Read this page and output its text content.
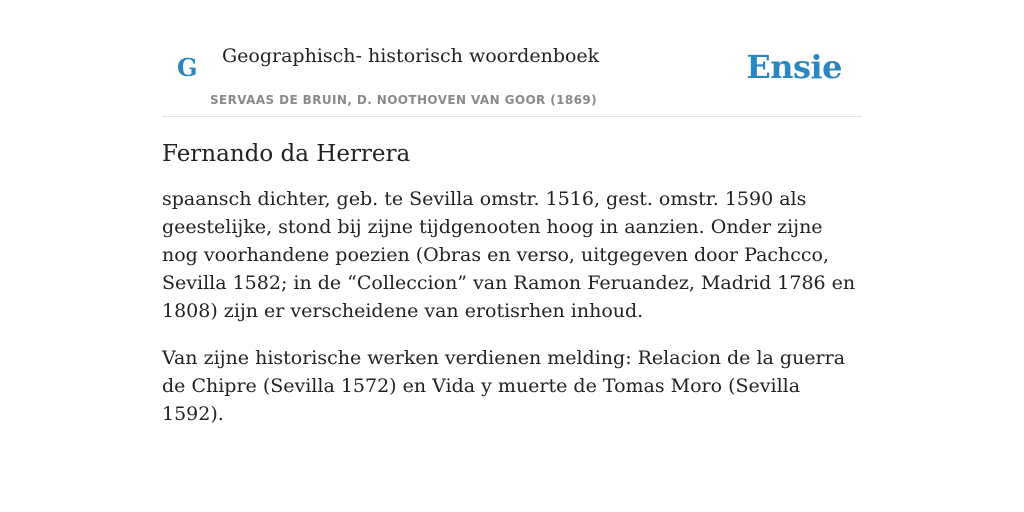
G Geographisch- historisch woordenboek
SERVAAS DE BRUIN, D. NOOTHOVEN VAN GOOR (1869)
Ensie
Fernando da Herrera

spaansch dichter, geb. te Sevilla omstr. 1516, gest. omstr. 1590 als geestelijke, stond bij zijne tijdgenooten hoog in aanzien. Onder zijne nog voorhandene poezien (Obras en verso, uitgegeven door Pachcco, Sevilla 1582; in de “Colleccion” van Ramon Feruandez, Madrid 1786 en 1808) zijn er verscheidene van erotisrhen inhoud.

Van zijne historische werken verdienen melding: Relacion de la guerra de Chipre (Sevilla 1572) en Vida y muerte de Tomas Moro (Sevilla 1592).
